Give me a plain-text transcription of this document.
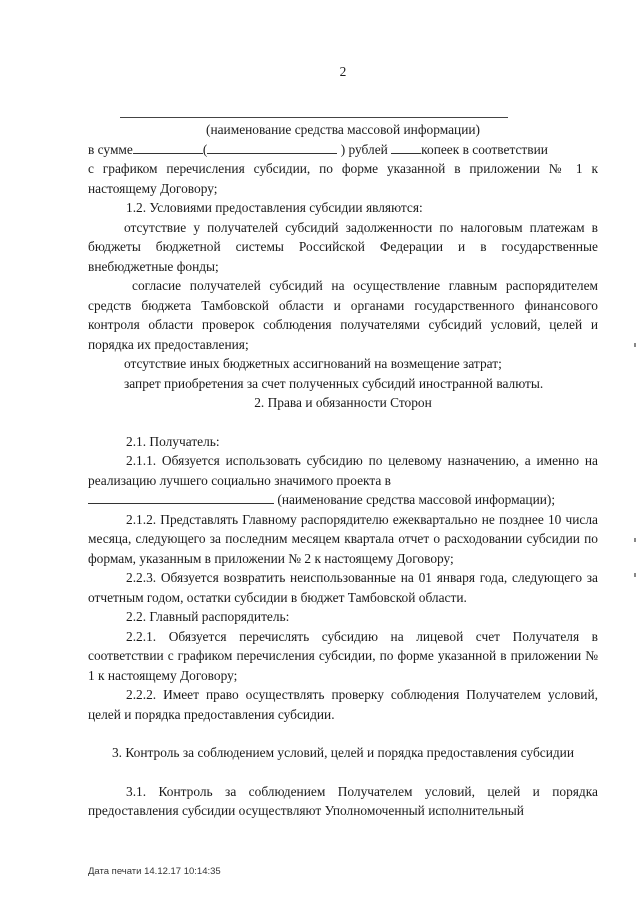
2

(наименование средства массовой информации)

в сумме	(	) рублей копеек в соответствии

с графиком перечисления субсидии, по форме указанной в приложении № 1 к настоящему Договору;

1.2. Условиями предоставления субсидии являются:

отсутствие у получателей субсидий задолженности по налоговым платежам в бюджеты бюджетной системы Российской Федерации и в государственные внебюджетные фонды;

согласие получателей субсидий на осуществление главным распорядителем средств бюджета Тамбовской области и органами государственного финансового контроля области проверок соблюдения получателями субсидий условий, целей и порядка их предоставления;

отсутствие иных бюджетных ассигнований на возмещение затрат;

запрет приобретения за счет полученных субсидий иностранной валюты.

2. Права и обязанности Сторон

2.1. Получатель:

2.1.1. Обязуется использовать субсидию по целевому назначению, а именно на реализацию лучшего социально значимого проекта в

(наименование средства массовой информации);

2.1.2. Представлять Главному распорядителю ежеквартально не позднее 10 числа месяца, следующего за последним месяцем квартала отчет о расходовании субсидии по формам, указанным в приложении № 2 к настоящему Договору;

2.2.3. Обязуется возвратить неиспользованные на 01 января года, следующего за отчетным годом, остатки субсидии в бюджет Тамбовской области.

2.2. Главный распорядитель:

2.2.1. Обязуется перечислять субсидию на лицевой счет Получателя в соответствии с графиком перечисления субсидии, по форме указанной в приложении № 1 к настоящему Договору;

2.2.2. Имеет право осуществлять проверку соблюдения Получателем условий, целей и порядка предоставления субсидии.

3. Контроль за соблюдением условий, целей и порядка предоставления субсидии

3.1. Контроль за соблюдением Получателем условий, целей и порядка предоставления субсидии осуществляют Уполномоченный исполнительный

Дата печати 14.12.17 10:14:35
